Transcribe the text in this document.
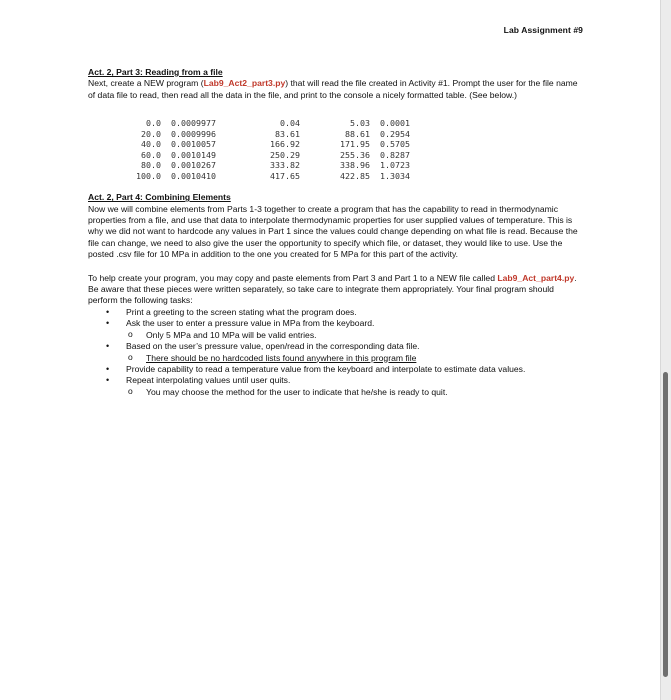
Lab Assignment #9
Act. 2, Part 3: Reading from a file

Next, create a NEW program (Lab9_Act2_part3.py) that will read the file created in Activity #1. Prompt the user for the file name of data file to read, then read all the data in the file, and print to the console a nicely formatted table. (See below.)

0.0	0.0009977	0.04	5.03	0.0001
20.0	0.0009996	83.61	88.61	0.2954
40.0	0.0010057	166.92	171.95	0.5705
60.0	0.0010149	250.29	255.36	0.8287
80.0	0.0010267	333.82	338.96	1.0723
100.0	0.0010410	417.65	422.85	1.3034
Act. 2, Part 4: Combining Elements

Now we will combine elements from Parts 1-3 together to create a program that has the capability to read in thermodynamic properties from a file, and use that data to interpolate thermodynamic properties for user supplied values of temperature. This is why we did not want to hardcode any values in Part 1 since the values could change depending on what file is read. Because the file can change, we need to also give the user the opportunity to specify which file, or dataset, they would like to use. Use the posted .csv file for 10 MPa in addition to the one you created for 5 MPa for this part of the activity.

To help create your program, you may copy and paste elements from Part 3 and Part 1 to a NEW file called Lab9_Act_part4.py. Be aware that these pieces were written separately, so take care to integrate them appropriately. Your final program should perform the following tasks:

• Print a greeting to the screen stating what the program does.
• Ask the user to enter a pressure value in MPa from the keyboard.
o Only 5 MPa and 10 MPa will be valid entries.
• Based on the user’s pressure value, open/read in the corresponding data file.
o There should be no hardcoded lists found anywhere in this program file
• Provide capability to read a temperature value from the keyboard and interpolate to estimate data values.
• Repeat interpolating values until user quits.
o You may choose the method for the user to indicate that he/she is ready to quit.
